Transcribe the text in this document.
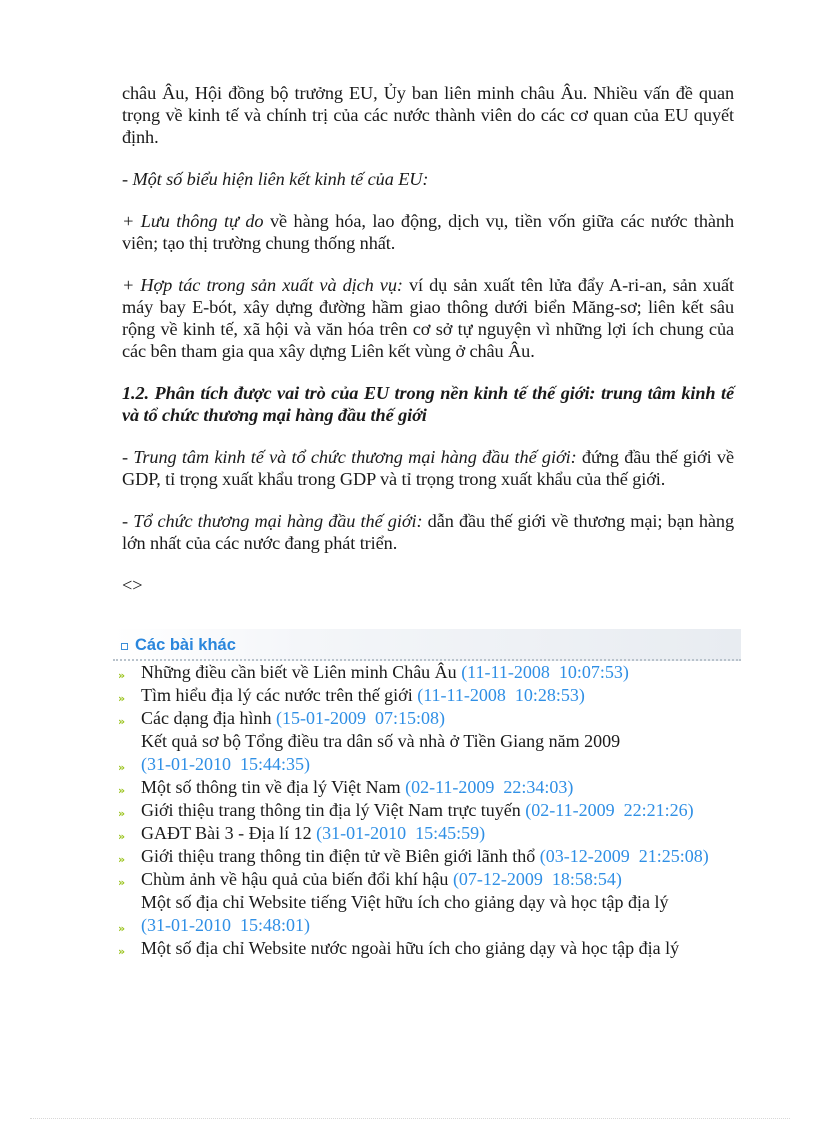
châu Âu, Hội đồng bộ trưởng EU, Ủy ban liên minh châu Âu. Nhiều vấn đề quan trọng về kinh tế và chính trị của các nước thành viên do các cơ quan của EU quyết định.

- Một số biểu hiện liên kết kinh tế của EU:

+ Lưu thông tự do về hàng hóa, lao động, dịch vụ, tiền vốn giữa các nước thành viên; tạo thị trường chung thống nhất.

+ Hợp tác trong sản xuất và dịch vụ: ví dụ sản xuất tên lửa đẩy A-ri-an, sản xuất máy bay E-bót, xây dựng đường hầm giao thông dưới biển Măng-sơ; liên kết sâu rộng về kinh tế, xã hội và văn hóa trên cơ sở tự nguyện vì những lợi ích chung của các bên tham gia qua xây dựng Liên kết vùng ở châu Âu.

1.2. Phân tích được vai trò của EU trong nền kinh tế thế giới: trung tâm kinh tế và tổ chức thương mại hàng đầu thế giới

- Trung tâm kinh tế và tổ chức thương mại hàng đầu thế giới: đứng đầu thế giới về GDP, tỉ trọng xuất khẩu trong GDP và tỉ trọng trong xuất khẩu của thế giới.

- Tổ chức thương mại hàng đầu thế giới: dẫn đầu thế giới về thương mại; bạn hàng lớn nhất của các nước đang phát triển.

<>

Các bài khác
» Những điều cần biết về Liên minh Châu Âu (11-11-2008  10:07:53)
» Tìm hiểu địa lý các nước trên thế giới (11-11-2008  10:28:53)
» Các dạng địa hình (15-01-2009  07:15:08)
»
Kết quả sơ bộ Tổng điều tra dân số và nhà ở Tiền Giang năm 2009 (31-01-2010  15:44:35)
» Một số thông tin về địa lý Việt Nam (02-11-2009  22:34:03)
» Giới thiệu trang thông tin địa lý Việt Nam trực tuyến (02-11-2009  22:21:26)
» GAĐT Bài 3 - Địa lí 12 (31-01-2010  15:45:59)
» Giới thiệu trang thông tin điện tử về Biên giới lãnh thổ (03-12-2009  21:25:08)
» Chùm ảnh về hậu quả của biến đổi khí hậu (07-12-2009  18:58:54)
»
Một số địa chỉ Website tiếng Việt hữu ích cho giảng dạy và học tập địa lý (31-01-2010  15:48:01)
» Một số địa chỉ Website nước ngoài hữu ích cho giảng dạy và học tập địa lý
